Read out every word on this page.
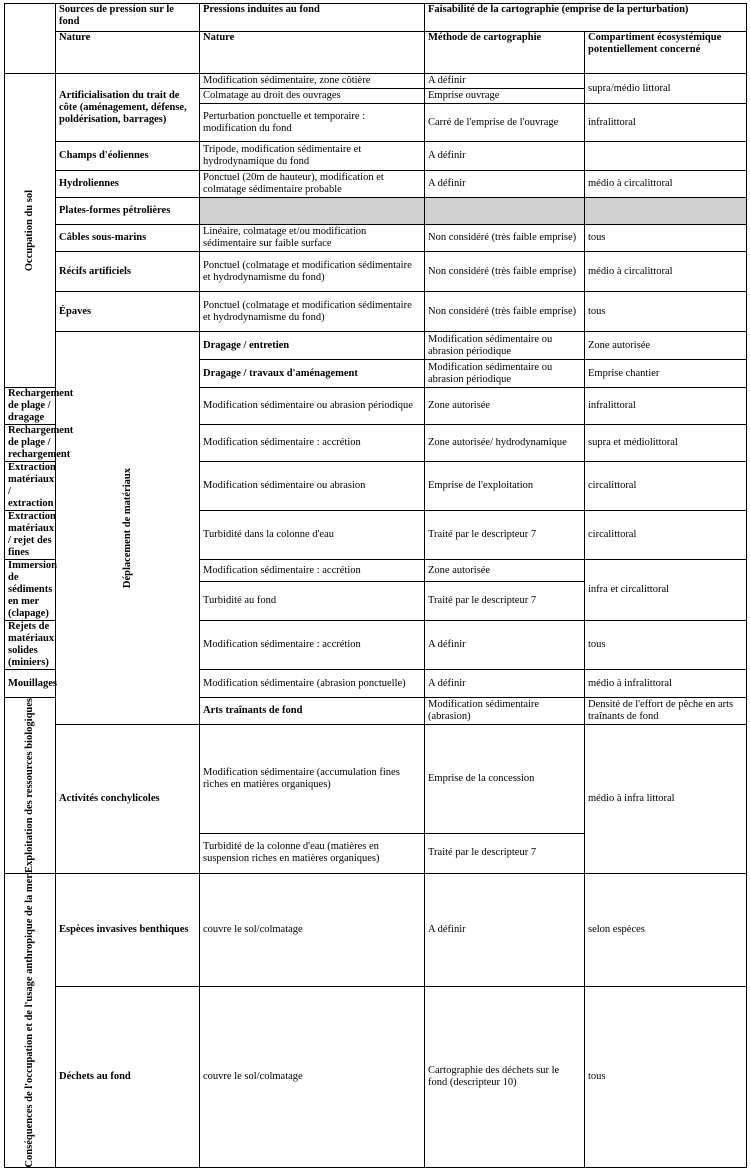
	Sources de pression sur le fond	Pressions induites au fond	Faisabilité de la cartographie (emprise de la perturbation)		
	Nature	Nature	Méthode de cartographie	Compartiment écosystémique potentiellement concerné	

Occupation du sol	Artificialisation du trait de côte (aménagement, défense, poldérisation, barrages)	Modification sédimentaire, zone côtière	A définir	supra/médio littoral	
		Colmatage au droit des ouvrages	Emprise ouvrage		
		Perturbation ponctuelle et temporaire : modification du fond	Carré de l'emprise de l'ouvrage	infralittoral	
	Champs d'éoliennes	Tripode, modification sédimentaire et hydrodynamique du fond	A définir		
	Hydroliennes	Ponctuel (20m de hauteur), modification et colmatage sédimentaire probable	A définir	médio à circalittoral	
	Plates-formes pétrolières				
	Câbles sous-marins	Linéaire, colmatage et/ou modification sédimentaire sur faible surface	Non considéré (très faible emprise)	tous	
	Récifs artificiels	Ponctuel (colmatage et modification sédimentaire et hydrodynamisme du fond)	Non considéré (très faible emprise)	médio à circalittoral	
	Épaves	Ponctuel (colmatage et modification sédimentaire et hydrodynamisme du fond)	Non considéré (très faible emprise)	tous	

	Déplacement de matériaux	Dragage / entretien	Modification sédimentaire ou abrasion périodique	Zone autorisée	
		Dragage / travaux d'aménagement	Modification sédimentaire ou abrasion périodique	Emprise chantier	
Rechargement de plage / dragage		Modification sédimentaire ou abrasion périodique	Zone autorisée	infralittoral	
Rechargement de plage / rechargement		Modification sédimentaire : accrétion	Zone autorisée/ hydrodynamique	supra et médiolittoral	
Extraction matériaux / extraction		Modification sédimentaire ou abrasion	Emprise de l'exploitation	circalittoral	
Extraction matériaux / rejet des fines		Turbidité dans la colonne d'eau	Traité par le descripteur 7	circalittoral	
Immersion de sédiments en mer (clapage)		Modification sédimentaire : accrétion	Zone autorisée	infra et circalittoral	
		Turbidité au fond	Traité par le descripteur 7		
Rejets de matériaux solides (miniers)		Modification sédimentaire : accrétion	A définir	tous	
Mouillages		Modification sédimentaire (abrasion ponctuelle)	A définir	médio à infralittoral	

Exploitation des ressources biologiques		Arts traînants de fond	Modification sédimentaire (abrasion)	Densité de l'effort de pêche en arts traînants de fond	
	Activités conchylicoles	Modification sédimentaire (accumulation fines riches en matières organiques)	Emprise de la concession	médio à infra littoral	
		Turbidité de la colonne d'eau (matières en suspension riches en matières organiques)	Traité par le descripteur 7		

Conséquences de l'occupation et de l'usage anthropique de la mer	Espèces invasives benthiques	couvre le sol/colmatage	A définir	selon espèces	
	Déchets au fond	couvre le sol/colmatage	Cartographie des déchets sur le fond (descripteur 10)	tous	
